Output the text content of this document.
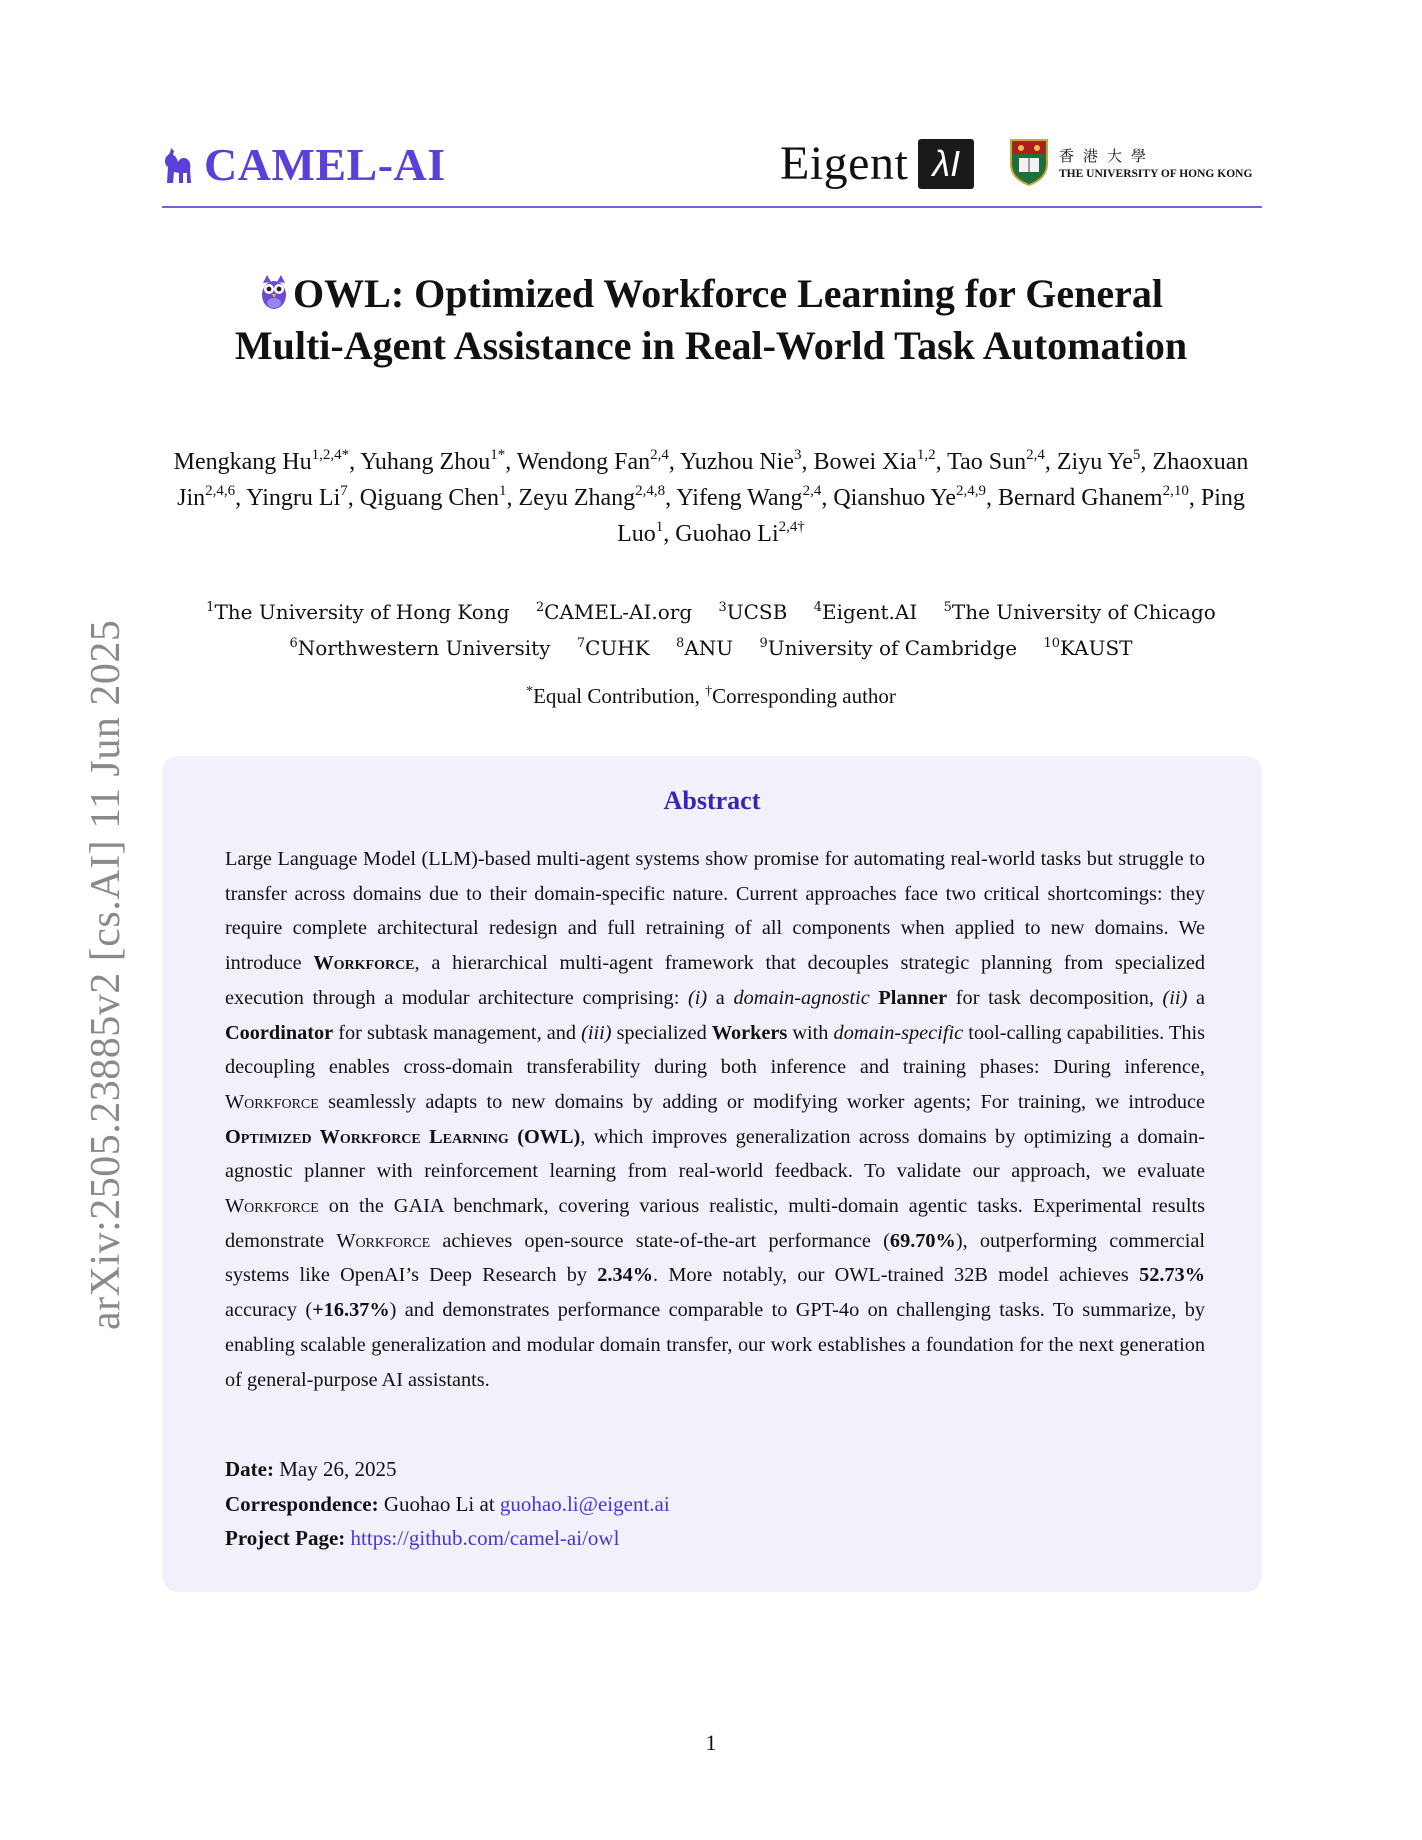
CAMEL-AI	Eigent λI	香港大學
THE UNIVERSITY OF HONG KONG
arXiv:2505.23885v2 [cs.AI] 11 Jun 2025
OWL: Optimized Workforce Learning for General
Multi-Agent Assistance in Real-World Task Automation
Mengkang $Hu^{1,2,4*}$, Yuhang Zhou$^{1*}$, Wendong Fan$^{2,4}$, Yuzhou Nie$^3$, Bowei Xia$^{1,2}$, Tao Sun$^{2,4}$, Ziyu Ye$^5$, Zhaoxuan Jin$^{2,4,6}$, Yingru Li$^7$, Qiguang Chen$^1$, Zeyu Zhang$^{2,4,8}$, Yifeng Wang$^{2,4}$, Qianshuo Ye$^{2,4,9}$, Bernard Ghanem$^{2,10}$, Ping Luo$^1$, Guohao $Li^{2,4\dagger}$
$^1$The University of Hong Kong $^2$CAMEL-AI.org $^3$UCSB $^4$Eigent.AI $^5$The University of Chicago
$^6$Northwestern University $^7$CUHK $^8$ANU $^9$University of Cambridge $^{10}$KAUST
*Equal Contribution, †Corresponding author
Abstract
Large Language Model (LLM)-based multi-agent systems show promise for automating real-world tasks but struggle to transfer across domains due to their domain-specific nature. Current approaches face two critical shortcomings: they require complete architectural redesign and full retraining of all components when applied to new domains. We introduce Workforce, a hierarchical multi-agent framework that decouples strategic planning from specialized execution through a modular architecture comprising: (i) a domain-agnostic Planner for task decomposition, (ii) a Coordinator for subtask management, and (iii) specialized Workers with domain-specific tool-calling capabilities. This decoupling enables cross-domain transferability during both inference and training phases: During inference, Workforce seamlessly adapts to new domains by adding or modifying worker agents; For training, we introduce Optimized Workforce Learning (OWL), which improves generalization across domains by optimizing a domain-agnostic planner with reinforcement learning from real-world feedback. To validate our approach, we evaluate Workforce on the GAIA benchmark, covering various realistic, multi-domain agentic tasks. Experimental results demonstrate Workforce achieves open-source state-of-the-art performance (69.70%), outperforming commercial systems like OpenAI’s Deep Research by 2.34%. More notably, our OWL-trained 32B model achieves 52.73% accuracy (+16.37%) and demonstrates performance comparable to GPT-4o on challenging tasks. To summarize, by enabling scalable generalization and modular domain transfer, our work establishes a foundation for the next generation of general-purpose AI assistants.
Date: May 26, 2025
Correspondence: Guohao Li at guohao.li@eigent.ai
Project Page: https://github.com/camel-ai/owl
1
